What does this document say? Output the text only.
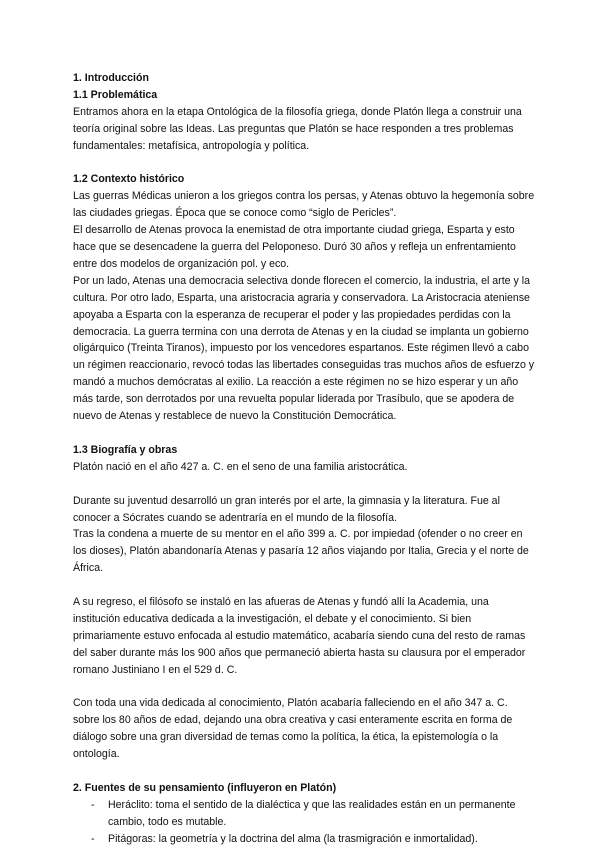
1. Introducción

1.1 Problemática

Entramos ahora en la etapa Ontológica de la filosofía griega, donde Platón llega a construir una teoría original sobre las Ideas. Las preguntas que Platón se hace responden a tres problemas fundamentales: metafísica, antropología y política.

1.2 Contexto histórico

Las guerras Médicas unieron a los griegos contra los persas, y Atenas obtuvo la hegemonía sobre las ciudades griegas. Época que se conoce como “siglo de Pericles”.

El desarrollo de Atenas provoca la enemistad de otra importante ciudad griega, Esparta y esto hace que se desencadene la guerra del Peloponeso. Duró 30 años y refleja un enfrentamiento entre dos modelos de organización pol. y eco.

Por un lado, Atenas una democracia selectiva donde florecen el comercio, la industria, el arte y la cultura. Por otro lado, Esparta, una aristocracia agraria y conservadora. La Aristocracia ateniense apoyaba a Esparta con la esperanza de recuperar el poder y las propiedades perdidas con la democracia. La guerra termina con una derrota de Atenas y en la ciudad se implanta un gobierno oligárquico (Treinta Tiranos), impuesto por los vencedores espartanos. Este régimen llevó a cabo un régimen reaccionario, revocó todas las libertades conseguidas tras muchos años de esfuerzo y mandó a muchos demócratas al exilio. La reacción a este régimen no se hizo esperar y un año más tarde, son derrotados por una revuelta popular liderada por Trasíbulo, que se apodera de nuevo de Atenas y restablece de nuevo la Constitución Democrática.

1.3 Biografía y obras

Platón nació en el año 427 a. C. en el seno de una familia aristocrática.

Durante su juventud desarrolló un gran interés por el arte, la gimnasia y la literatura. Fue al conocer a Sócrates cuando se adentraría en el mundo de la filosofía.

Tras la condena a muerte de su mentor en el año 399 a. C. por impiedad (ofender o no creer en los dioses), Platón abandonaría Atenas y pasaría 12 años viajando por Italia, Grecia y el norte de África.

A su regreso, el filósofo se instaló en las afueras de Atenas y fundó allí la Academia, una institución educativa dedicada a la investigación, el debate y el conocimiento. Si bien primariamente estuvo enfocada al estudio matemático, acabaría siendo cuna del resto de ramas del saber durante más los 900 años que permaneció abierta hasta su clausura por el emperador romano Justiniano I en el 529 d. C.

Con toda una vida dedicada al conocimiento, Platón acabaría falleciendo en el año 347 a. C. sobre los 80 años de edad, dejando una obra creativa y casi enteramente escrita en forma de diálogo sobre una gran diversidad de temas como la política, la ética, la epistemología o la ontología.

2. Fuentes de su pensamiento (influyeron en Platón)

- Heráclito: toma el sentido de la dialéctica y que las realidades están en un permanente cambio, todo es mutable.
- Pitágoras: la geometría y la doctrina del alma (la trasmigración e inmortalidad).
